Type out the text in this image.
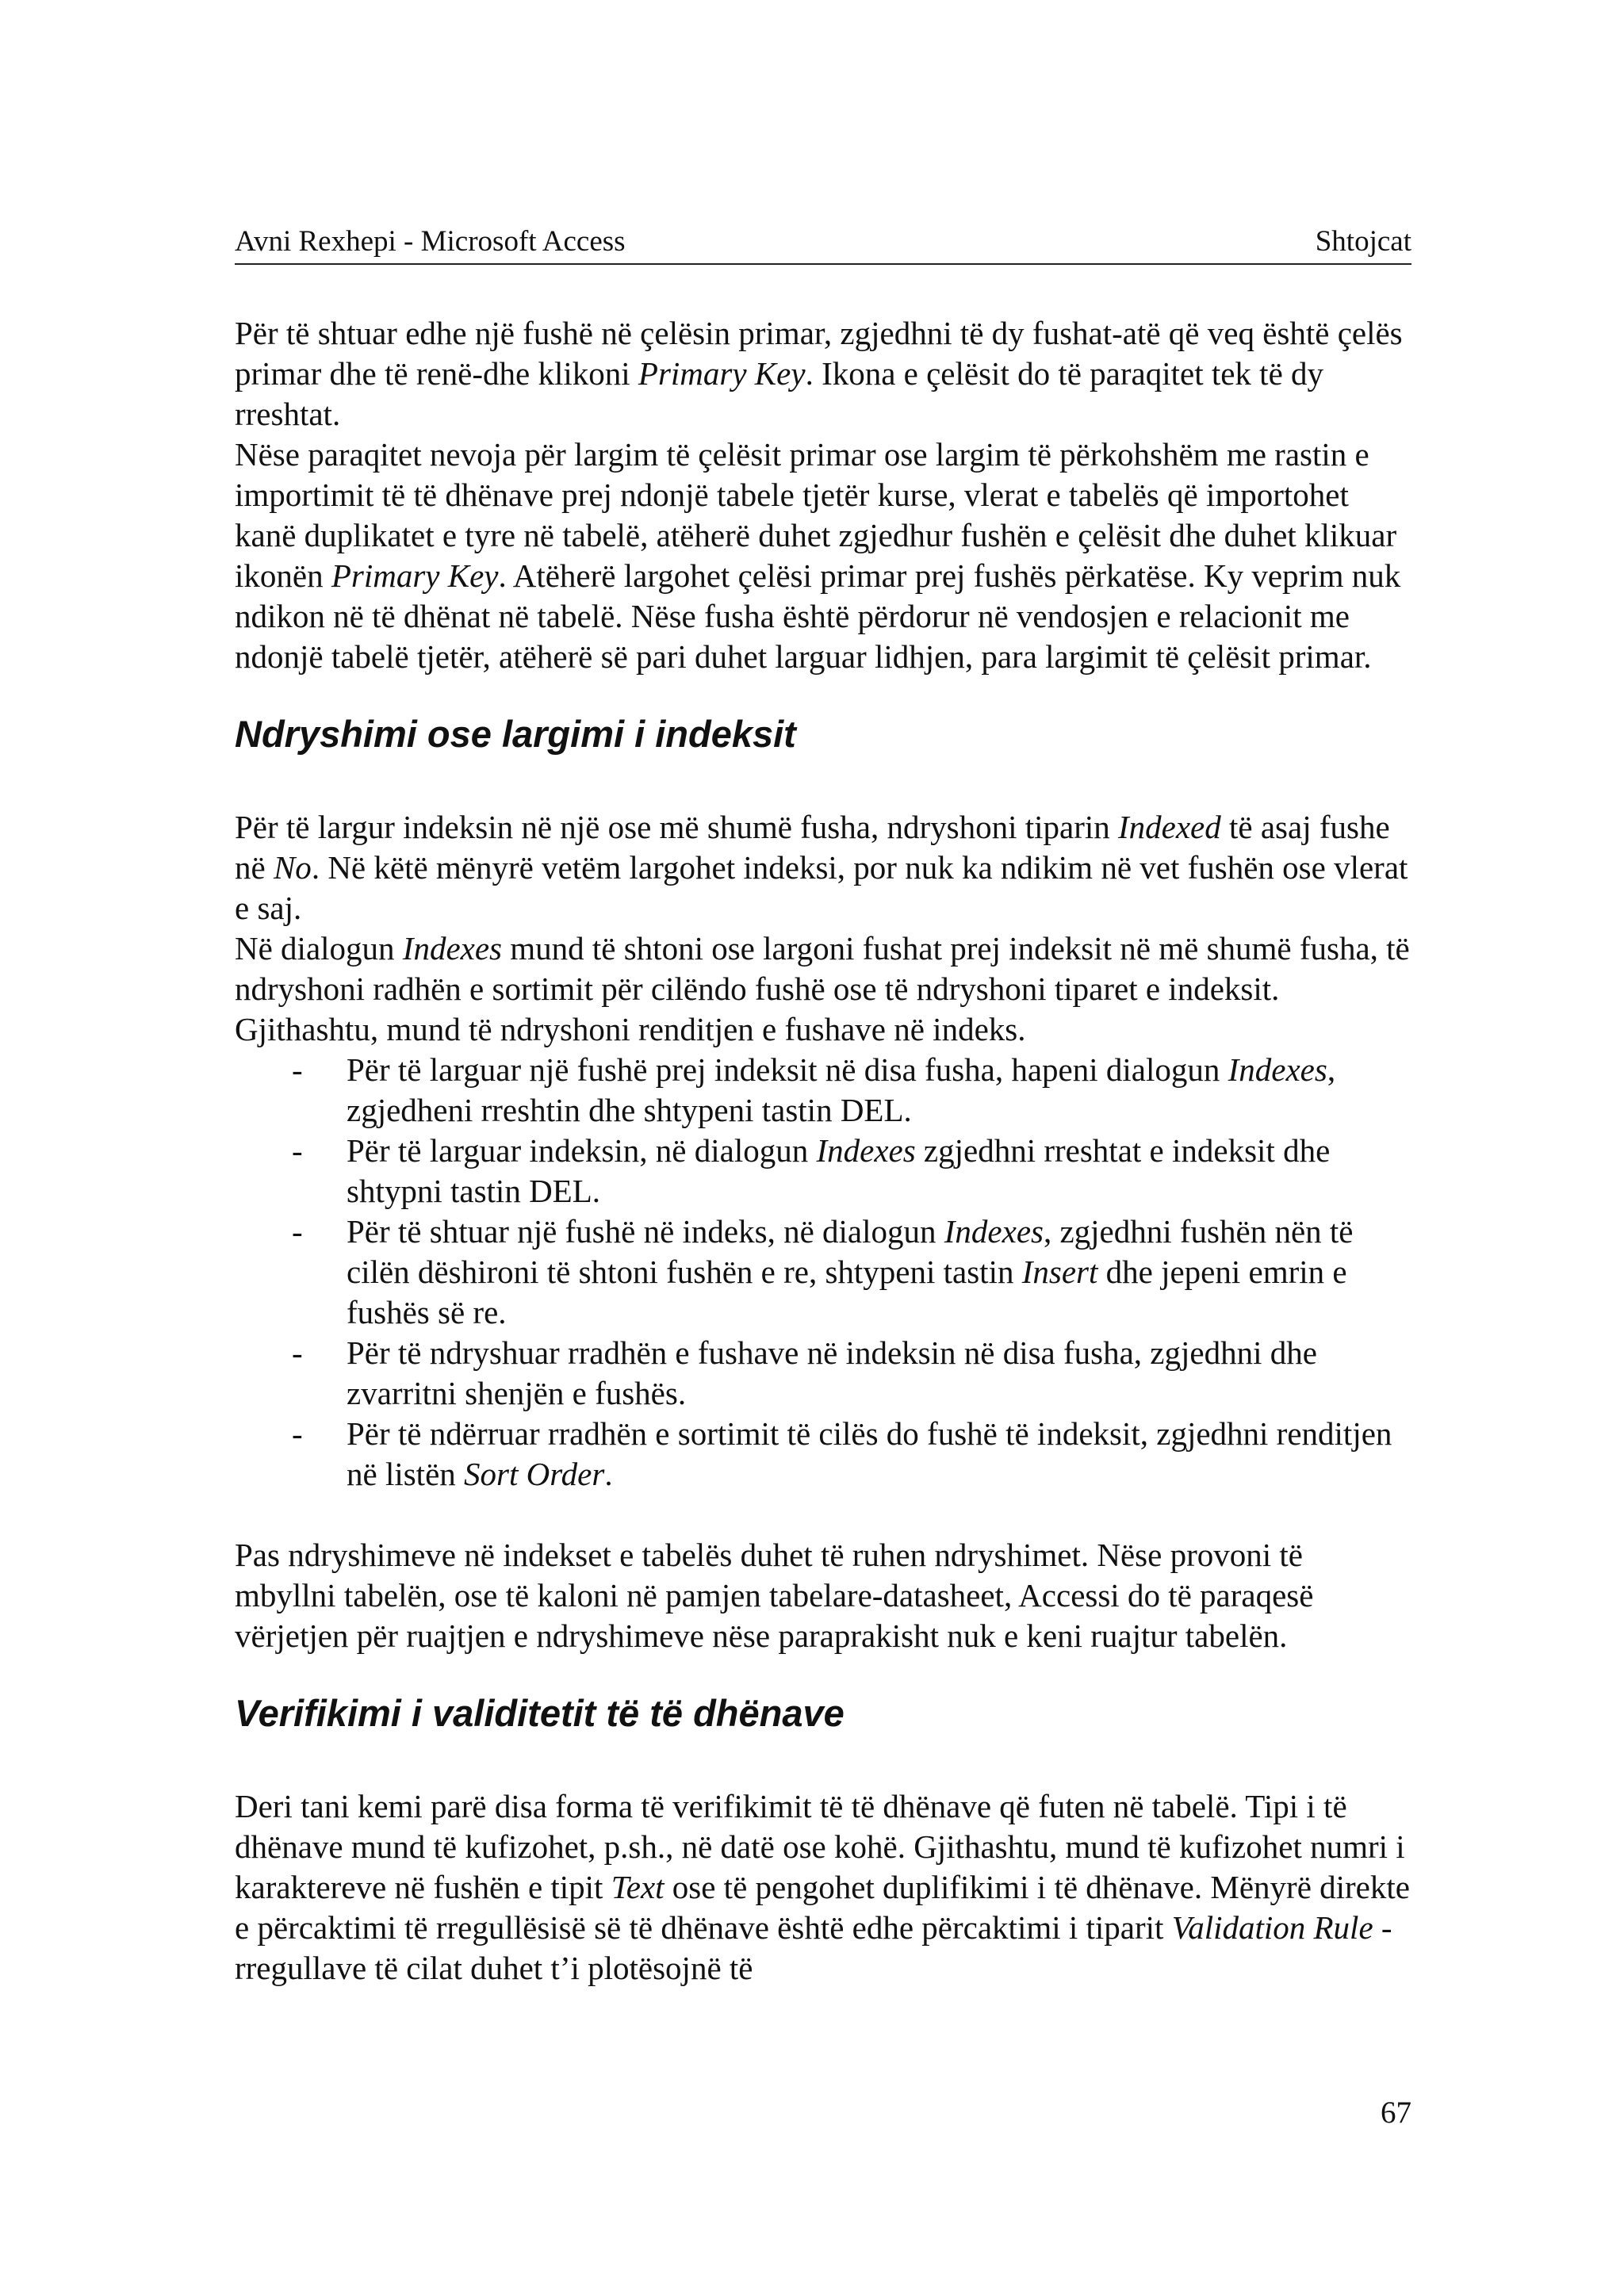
Avni Rexhepi - Microsoft Access	Shtojcat

Për të shtuar edhe një fushë në çelësin primar, zgjedhni të dy fushat-atë që veq është çelës primar dhe të renë-dhe klikoni Primary Key. Ikona e çelësit do të paraqitet tek të dy rreshtat.

Nëse paraqitet nevoja për largim të çelësit primar ose largim të përkohshëm me rastin e importimit të të dhënave prej ndonjë tabele tjetër kurse, vlerat e tabelës që importohet kanë duplikatet e tyre në tabelë, atëherë duhet zgjedhur fushën e çelësit dhe duhet klikuar ikonën Primary Key. Atëherë largohet çelësi primar prej fushës përkatëse. Ky veprim nuk ndikon në të dhënat në tabelë. Nëse fusha është përdorur në vendosjen e relacionit me ndonjë tabelë tjetër, atëherë së pari duhet larguar lidhjen, para largimit të çelësit primar.

Ndryshimi ose largimi i indeksit

Për të largur indeksin në një ose më shumë fusha, ndryshoni tiparin Indexed të asaj fushe në No. Në këtë mënyrë vetëm largohet indeksi, por nuk ka ndikim në vet fushën ose vlerat e saj.

Në dialogun Indexes mund të shtoni ose largoni fushat prej indeksit në më shumë fusha, të ndryshoni radhën e sortimit për cilëndo fushë ose të ndryshoni tiparet e indeksit. Gjithashtu, mund të ndryshoni renditjen e fushave në indeks.

- Për të larguar një fushë prej indeksit në disa fusha, hapeni dialogun Indexes, zgjedheni rreshtin dhe shtypeni tastin DEL.
- Për të larguar indeksin, në dialogun Indexes zgjedhni rreshtat e indeksit dhe shtypni tastin DEL.
- Për të shtuar një fushë në indeks, në dialogun Indexes, zgjedhni fushën nën të cilën dëshironi të shtoni fushën e re, shtypeni tastin Insert dhe jepeni emrin e fushës së re.
- Për të ndryshuar rradhën e fushave në indeksin në disa fusha, zgjedhni dhe zvarritni shenjën e fushës.
- Për të ndërruar rradhën e sortimit të cilës do fushë të indeksit, zgjedhni renditjen në listën Sort Order.

Pas ndryshimeve në indekset e tabelës duhet të ruhen ndryshimet. Nëse provoni të mbyllni tabelën, ose të kaloni në pamjen tabelare-datasheet, Accessi do të paraqesë vërjetjen për ruajtjen e ndryshimeve nëse paraprakisht nuk e keni ruajtur tabelën.

Verifikimi i validitetit të të dhënave

Deri tani kemi parë disa forma të verifikimit të të dhënave që futen në tabelë. Tipi i të dhënave mund të kufizohet, p.sh., në datë ose kohë. Gjithashtu, mund të kufizohet numri i karaktereve në fushën e tipit Text ose të pengohet duplifikimi i të dhënave. Mënyrë direkte e përcaktimi të rregullësisë së të dhënave është edhe përcaktimi i tiparit Validation Rule - rregullave të cilat duhet t’i plotësojnë të

67
